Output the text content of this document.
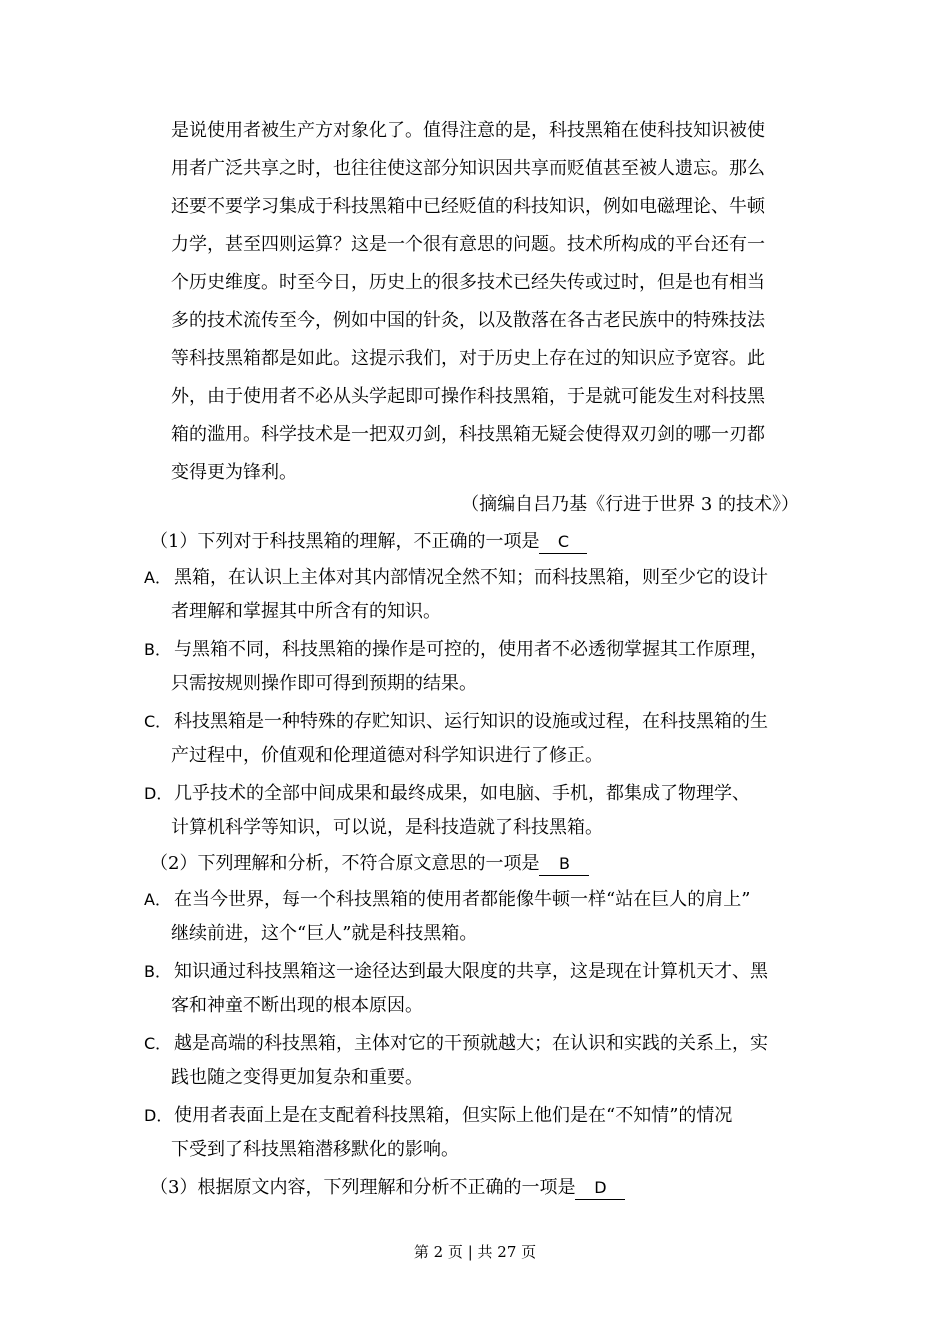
是说使用者被生产方对象化了。值得注意的是，科技黑箱在使科技知识被使
用者广泛共享之时，也往往使这部分知识因共享而贬值甚至被人遗忘。那么
还要不要学习集成于科技黑箱中已经贬值的科技知识，例如电磁理论、牛顿
力学，甚至四则运算？这是一个很有意思的问题。技术所构成的平台还有一
个历史维度。时至今日，历史上的很多技术已经失传或过时，但是也有相当
多的技术流传至今，例如中国的针灸，以及散落在各古老民族中的特殊技法
等科技黑箱都是如此。这提示我们，对于历史上存在过的知识应予宽容。此
外，由于使用者不必从头学起即可操作科技黑箱，于是就可能发生对科技黑
箱的滥用。科学技术是一把双刃剑，科技黑箱无疑会使得双刃剑的哪一刃都
变得更为锋利。
（摘编自吕乃基《行进于世界 3 的技术》）
（1）下列对于科技黑箱的理解，不正确的一项是 C
A． 黑箱，在认识上主体对其内部情况全然不知；而科技黑箱，则至少它的设计
者理解和掌握其中所含有的知识。
B． 与黑箱不同，科技黑箱的操作是可控的，使用者不必透彻掌握其工作原理，
只需按规则操作即可得到预期的结果。
C． 科技黑箱是一种特殊的存贮知识、运行知识的设施或过程，在科技黑箱的生
产过程中，价值观和伦理道德对科学知识进行了修正。
D．几乎技术的全部中间成果和最终成果，如电脑、手机，都集成了物理学、
计算机科学等知识，可以说，是科技造就了科技黑箱。
（2）下列理解和分析，不符合原文意思的一项是 B
A． 在当今世界，每一个科技黑箱的使用者都能像牛顿一样“站在巨人的肩上”
继续前进，这个“巨人”就是科技黑箱。
B． 知识通过科技黑箱这一途径达到最大限度的共享，这是现在计算机天才、黑
客和神童不断出现的根本原因。
C． 越是高端的科技黑箱，主体对它的干预就越大；在认识和实践的关系上，实
践也随之变得更加复杂和重要。
D．使用者表面上是在支配着科技黑箱，但实际上他们是在“不知情”的情况
下受到了科技黑箱潜移默化的影响。
（3）根据原文内容，下列理解和分析不正确的一项是 D
第 2 页 | 共 27 页
